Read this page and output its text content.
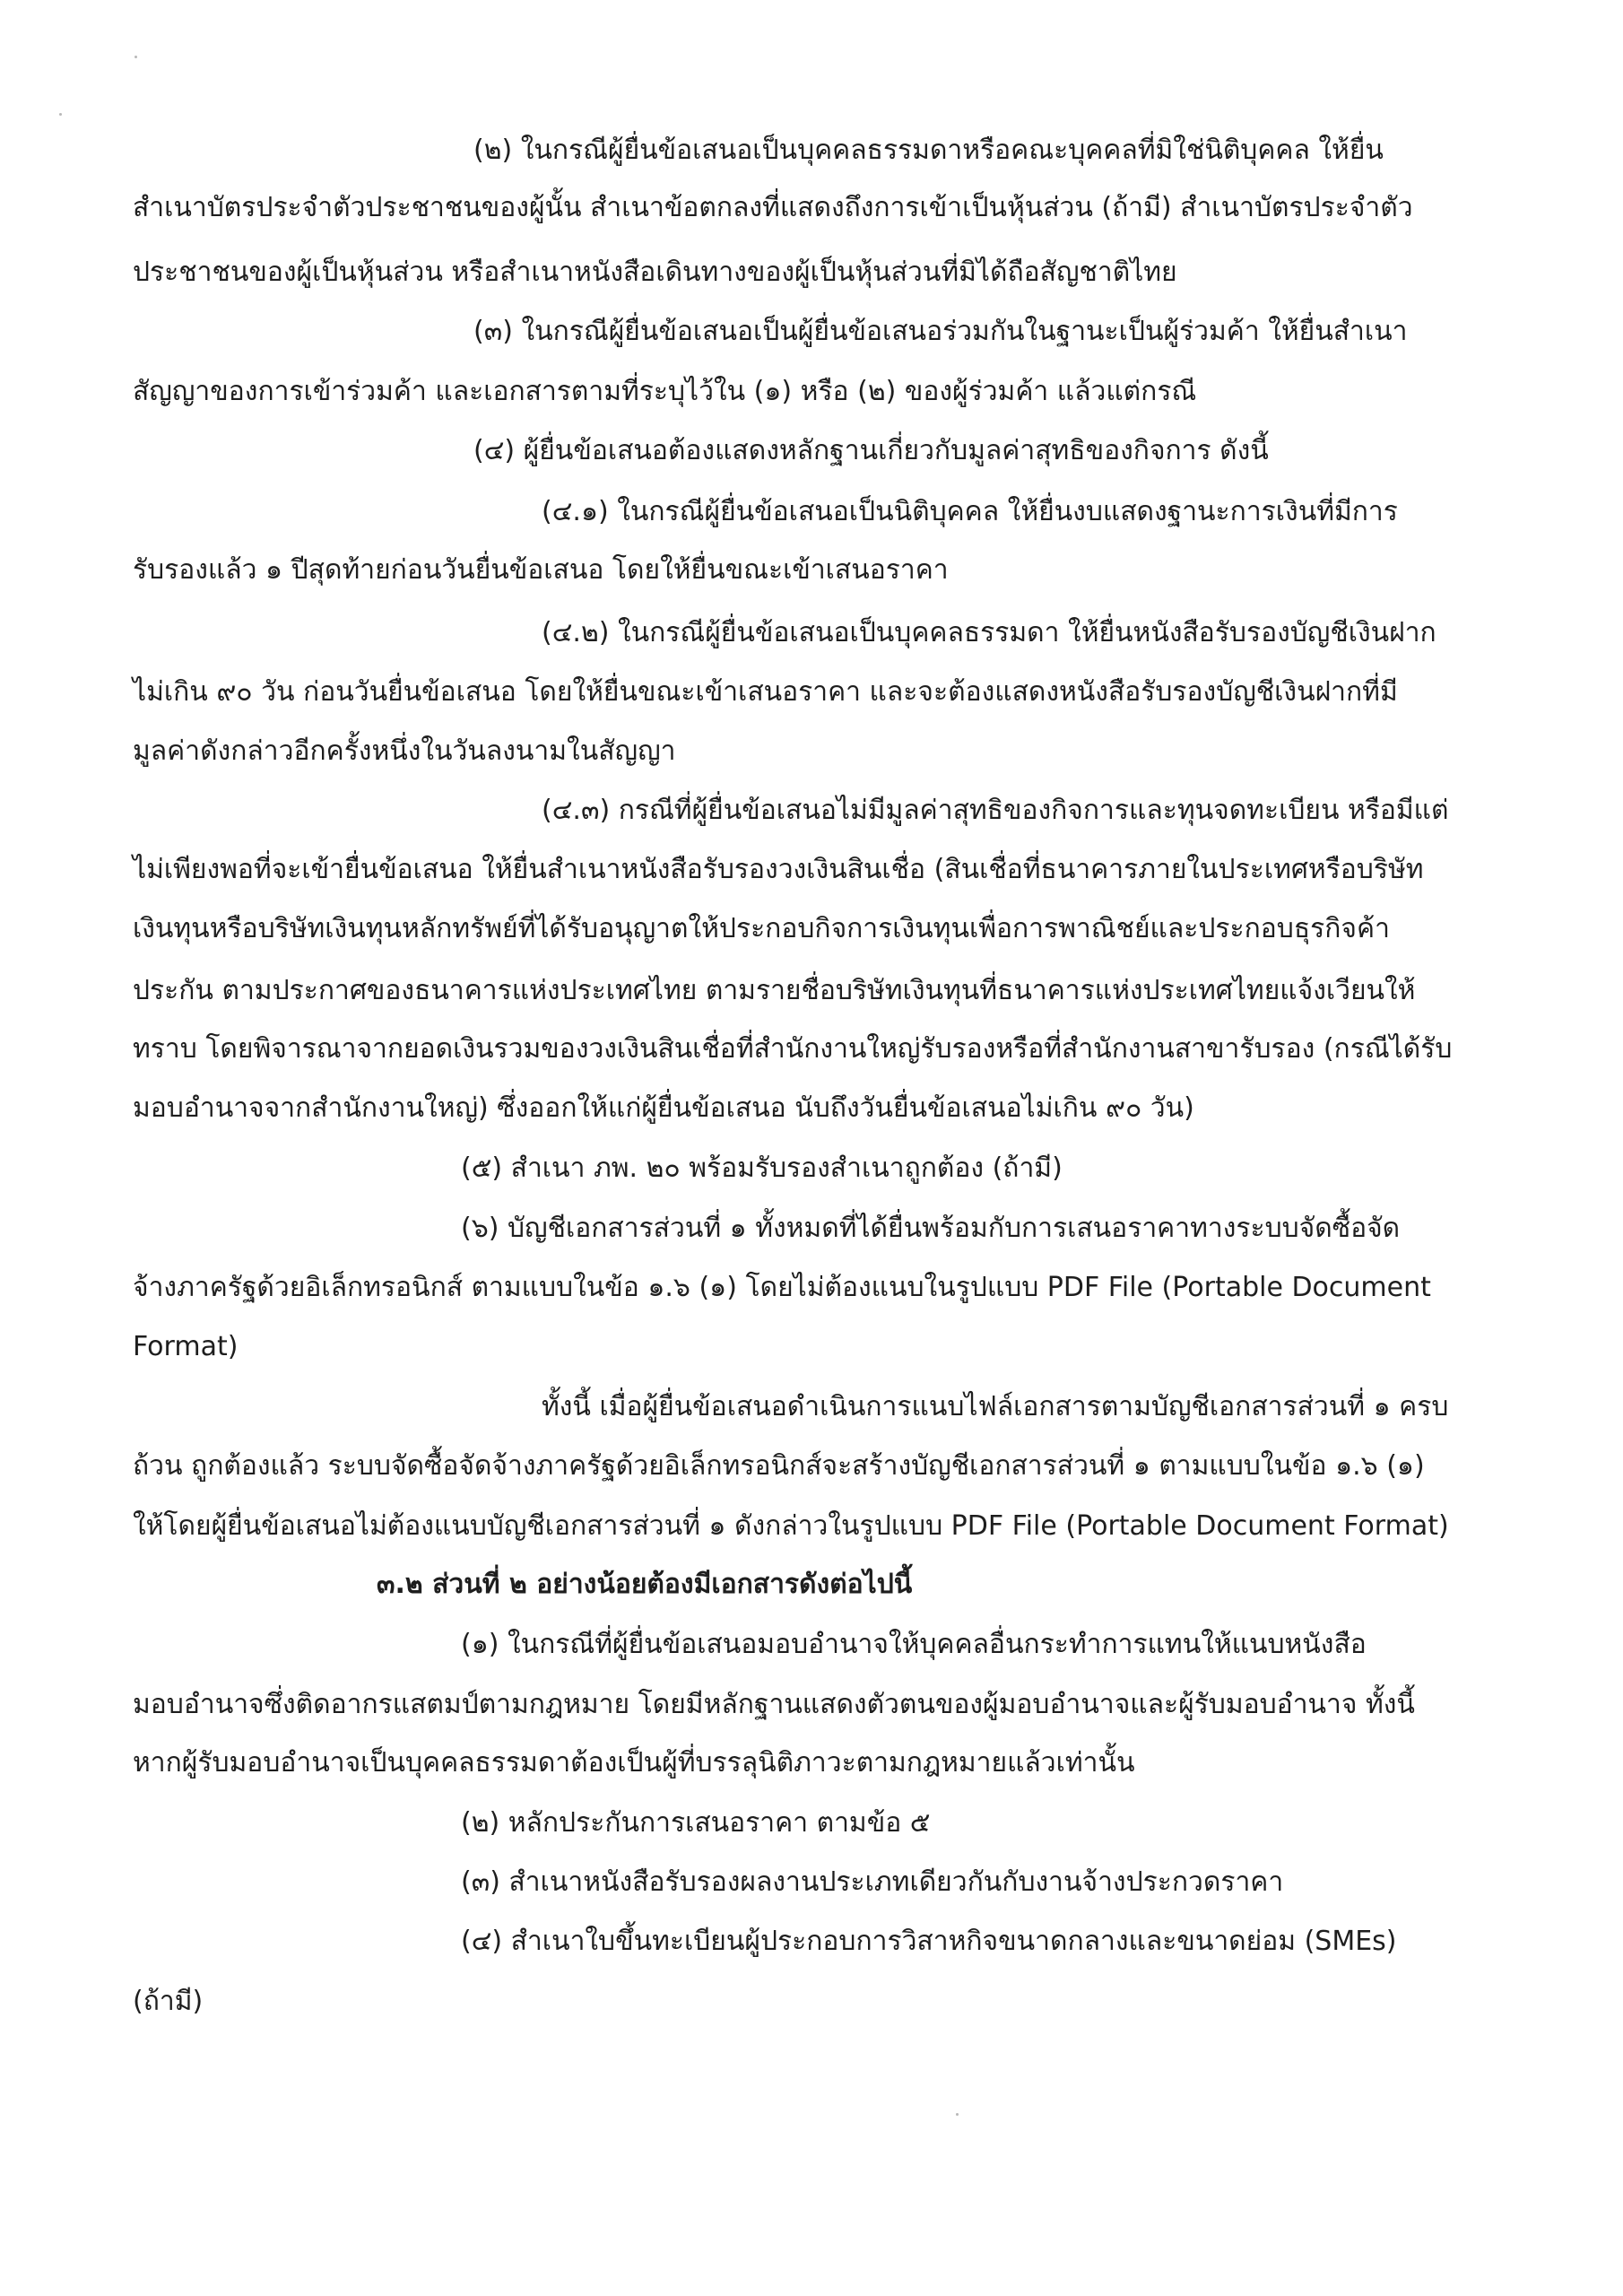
(๒) ในกรณีผู้ยื่นข้อเสนอเป็นบุคคลธรรมดาหรือคณะบุคคลที่มิใช่นิติบุคคล ให้ยื่น
สำเนาบัตรประจำตัวประชาชนของผู้นั้น สำเนาข้อตกลงที่แสดงถึงการเข้าเป็นหุ้นส่วน (ถ้ามี) สำเนาบัตรประจำตัว
ประชาชนของผู้เป็นหุ้นส่วน หรือสำเนาหนังสือเดินทางของผู้เป็นหุ้นส่วนที่มิได้ถือสัญชาติไทย
(๓) ในกรณีผู้ยื่นข้อเสนอเป็นผู้ยื่นข้อเสนอร่วมกันในฐานะเป็นผู้ร่วมค้า ให้ยื่นสำเนา
สัญญาของการเข้าร่วมค้า และเอกสารตามที่ระบุไว้ใน (๑) หรือ (๒) ของผู้ร่วมค้า แล้วแต่กรณี
(๔) ผู้ยื่นข้อเสนอต้องแสดงหลักฐานเกี่ยวกับมูลค่าสุทธิของกิจการ ดังนี้
(๔.๑) ในกรณีผู้ยื่นข้อเสนอเป็นนิติบุคคล ให้ยื่นงบแสดงฐานะการเงินที่มีการ
รับรองแล้ว ๑ ปีสุดท้ายก่อนวันยื่นข้อเสนอ โดยให้ยื่นขณะเข้าเสนอราคา
(๔.๒) ในกรณีผู้ยื่นข้อเสนอเป็นบุคคลธรรมดา ให้ยื่นหนังสือรับรองบัญชีเงินฝาก
ไม่เกิน ๙๐ วัน ก่อนวันยื่นข้อเสนอ โดยให้ยื่นขณะเข้าเสนอราคา และจะต้องแสดงหนังสือรับรองบัญชีเงินฝากที่มี
มูลค่าดังกล่าวอีกครั้งหนึ่งในวันลงนามในสัญญา
(๔.๓) กรณีที่ผู้ยื่นข้อเสนอไม่มีมูลค่าสุทธิของกิจการและทุนจดทะเบียน หรือมีแต่
ไม่เพียงพอที่จะเข้ายื่นข้อเสนอ ให้ยื่นสำเนาหนังสือรับรองวงเงินสินเชื่อ (สินเชื่อที่ธนาคารภายในประเทศหรือบริษัท
เงินทุนหรือบริษัทเงินทุนหลักทรัพย์ที่ได้รับอนุญาตให้ประกอบกิจการเงินทุนเพื่อการพาณิชย์และประกอบธุรกิจค้า
ประกัน ตามประกาศของธนาคารแห่งประเทศไทย ตามรายชื่อบริษัทเงินทุนที่ธนาคารแห่งประเทศไทยแจ้งเวียนให้
ทราบ โดยพิจารณาจากยอดเงินรวมของวงเงินสินเชื่อที่สำนักงานใหญ่รับรองหรือที่สำนักงานสาขารับรอง (กรณีได้รับ
มอบอำนาจจากสำนักงานใหญ่) ซึ่งออกให้แก่ผู้ยื่นข้อเสนอ นับถึงวันยื่นข้อเสนอไม่เกิน ๙๐ วัน)
(๕) สำเนา ภพ. ๒๐ พร้อมรับรองสำเนาถูกต้อง (ถ้ามี)
(๖) บัญชีเอกสารส่วนที่ ๑ ทั้งหมดที่ได้ยื่นพร้อมกับการเสนอราคาทางระบบจัดซื้อจัด
จ้างภาครัฐด้วยอิเล็กทรอนิกส์ ตามแบบในข้อ ๑.๖ (๑) โดยไม่ต้องแนบในรูปแบบ PDF File (Portable Document
Format)
ทั้งนี้ เมื่อผู้ยื่นข้อเสนอดำเนินการแนบไฟล์เอกสารตามบัญชีเอกสารส่วนที่ ๑ ครบ
ถ้วน ถูกต้องแล้ว ระบบจัดซื้อจัดจ้างภาครัฐด้วยอิเล็กทรอนิกส์จะสร้างบัญชีเอกสารส่วนที่ ๑ ตามแบบในข้อ ๑.๖ (๑)
ให้โดยผู้ยื่นข้อเสนอไม่ต้องแนบบัญชีเอกสารส่วนที่ ๑ ดังกล่าวในรูปแบบ PDF File (Portable Document Format)
๓.๒ ส่วนที่ ๒ อย่างน้อยต้องมีเอกสารดังต่อไปนี้
(๑) ในกรณีที่ผู้ยื่นข้อเสนอมอบอำนาจให้บุคคลอื่นกระทำการแทนให้แนบหนังสือ
มอบอำนาจซึ่งติดอากรแสตมป์ตามกฎหมาย โดยมีหลักฐานแสดงตัวตนของผู้มอบอำนาจและผู้รับมอบอำนาจ ทั้งนี้
หากผู้รับมอบอำนาจเป็นบุคคลธรรมดาต้องเป็นผู้ที่บรรลุนิติภาวะตามกฎหมายแล้วเท่านั้น
(๒) หลักประกันการเสนอราคา ตามข้อ ๕
(๓) สำเนาหนังสือรับรองผลงานประเภทเดียวกันกับงานจ้างประกวดราคา
(๔) สำเนาใบขึ้นทะเบียนผู้ประกอบการวิสาหกิจขนาดกลางและขนาดย่อม (SMEs)
(ถ้ามี)
